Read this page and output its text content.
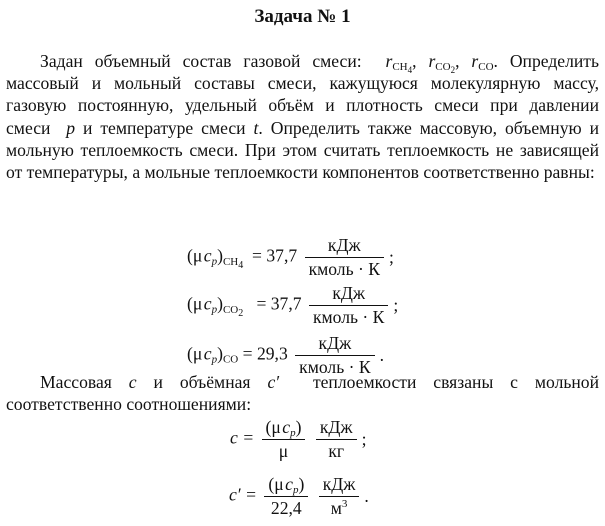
Задача № 1

Задан объемный состав газовой смеси: $r_{CH_4}$, $r_{CO_2}$, $r_{CO}$. Определить массовый и мольный составы смеси, кажущуюся молекулярную массу, газовую постоянную, удельный объём и плотность смеси при давлении смеси p и температуре смеси t. Определить также массовую, объемную и мольную теплоемкость смеси. При этом считать теплоемкость не зависящей от температуры, а мольные теплоемкости компонентов соответственно равны:

(μ $c_p)_{CH4} = 37,7 \frac{\text{кДж}}{\text{кмоль · К}}$ ;
(μ $c_p)_{CO2} = 37,7 \frac{\text{кДж}}{\text{кмоль · К}}$ ;
(μ $c_p)_{CO} = 29,3 \frac{\text{кДж}}{\text{кмоль · К}}$ .

Массовая c и объёмная c′ теплоемкости связаны с мольной соответственно соотношениями:

$c = \frac{(\mu c_p)}{\mu}$
$\frac{\text{кДж}}{кг}$ ;
$c' = \frac{(\mu c_p)}{22,4}$
$\frac{\text{кДж}}{м^3}$ .
